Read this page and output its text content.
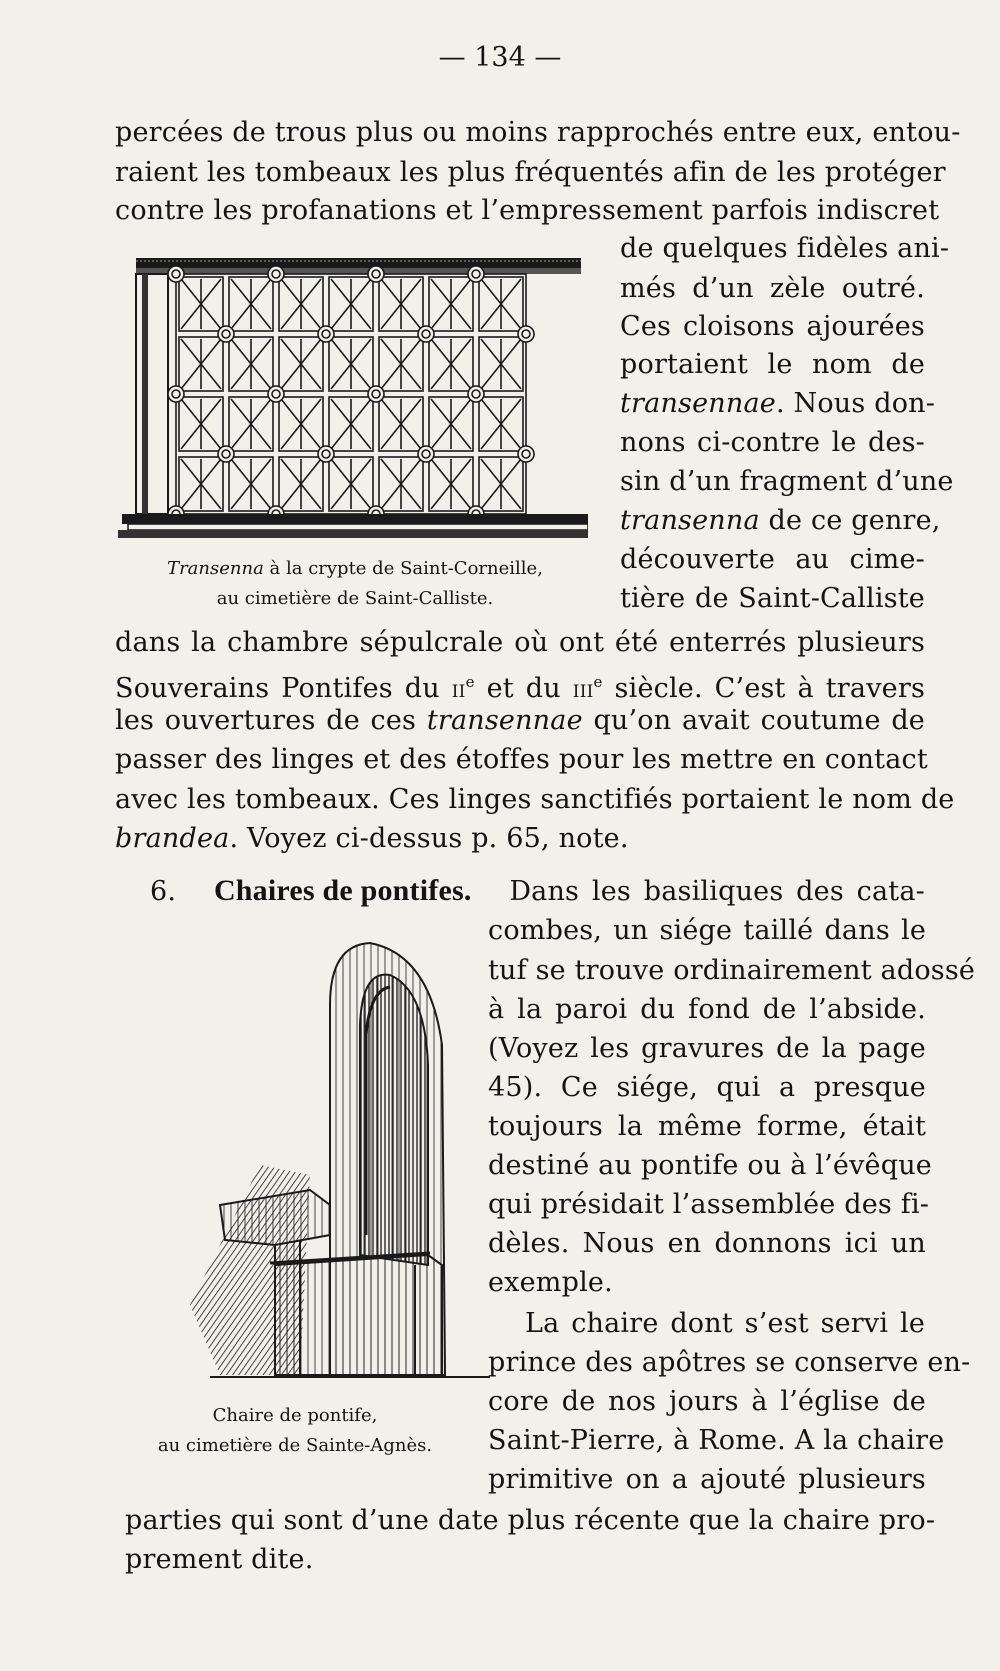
— 134 —
percées de trous plus ou moins rapprochés entre eux, entou-
raient les tombeaux les plus fréquentés afin de les protéger
contre les profanations et l’empressement parfois indiscret
de quelques fidèles ani-
més d’un zèle outré.
Ces cloisons ajourées
portaient le nom de
transennae. Nous don-
nons ci-contre le des-
sin d’un fragment d’une
transenna de ce genre,
découverte au cime-
tière de Saint-Calliste
Transenna à la crypte de Saint-Corneille,
au cimetière de Saint-Calliste.
dans la chambre sépulcrale où ont été enterrés plusieurs
Souverains Pontifes du $ii^e$ et du iii$^e$ siècle. C’est à travers
les ouvertures de ces transennae qu’on avait coutume de
passer des linges et des étoffes pour les mettre en contact
avec les tombeaux. Ces linges sanctifiés portaient le nom de
brandea. Voyez ci-dessus p. 65, note.
6. Chaires de pontifes. Dans les basiliques des cata-
combes, un siége taillé dans le
tuf se trouve ordinairement adossé
à la paroi du fond de l’abside.
(Voyez les gravures de la page
45). Ce siége, qui a presque
toujours la même forme, était
destiné au pontife ou à l’évêque
qui présidait l’assemblée des fi-
dèles. Nous en donnons ici un
exemple.
La chaire dont s’est servi le
prince des apôtres se conserve en-
core de nos jours à l’église de
Saint-Pierre, à Rome. A la chaire
primitive on a ajouté plusieurs
Chaire de pontife,
au cimetière de Sainte-Agnès.
parties qui sont d’une date plus récente que la chaire pro-
prement dite.
